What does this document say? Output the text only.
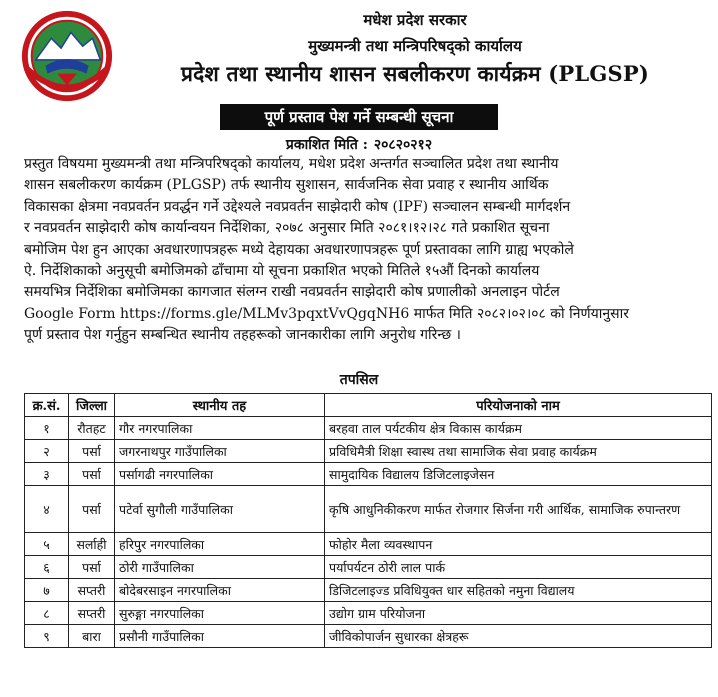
मधेश प्रदेश सरकार
मुख्यमन्त्री तथा मन्त्रिपरिषद्को कार्यालय
प्रदेश तथा स्थानीय शासन सबलीकरण कार्यक्रम (PLGSP)
पूर्ण प्रस्ताव पेश गर्ने सम्बन्धी सूचना
प्रकाशित मिति : २०८२०२१२
प्रस्तुत विषयमा मुख्यमन्त्री तथा मन्त्रिपरिषद्को कार्यालय, मधेश प्रदेश अन्तर्गत सञ्चालित प्रदेश तथा स्थानीय
शासन सबलीकरण कार्यक्रम (PLGSP) तर्फ स्थानीय सुशासन, सार्वजनिक सेवा प्रवाह र स्थानीय आर्थिक
विकासका क्षेत्रमा नवप्रवर्तन प्रवर्द्धन गर्ने उद्देश्यले नवप्रवर्तन साझेदारी कोष (IPF) सञ्चालन सम्बन्धी मार्गदर्शन
र नवप्रवर्तन साझेदारी कोष कार्यान्वयन निर्देशिका, २०७८ अनुसार मिति २०८१।१२।२८ गते प्रकाशित सूचना
बमोजिम पेश हुन आएका अवधारणापत्रहरू मध्ये देहायका अवधारणापत्रहरू पूर्ण प्रस्तावका लागि ग्राह्य भएकोले
ऐ. निर्देशिकाको अनुसूची बमोजिमको ढाँचामा यो सूचना प्रकाशित भएको मितिले १५औं दिनको कार्यालय
समयभित्र निर्देशिका बमोजिमका कागजात संलग्न राखी नवप्रवर्तन साझेदारी कोष प्रणालीको अनलाइन पोर्टल
Google Form https://forms.gle/MLMv3pqxtVvQgqNH6 मार्फत मिति २०८२।०२।०८ को निर्णयानुसार
पूर्ण प्रस्ताव पेश गर्नुहुन सम्बन्धित स्थानीय तहहरूको जानकारीका लागि अनुरोध गरिन्छ ।
तपसिल
क्र.सं.	जिल्ला	स्थानीय तह	परियोजनाको नाम
१	रौतहट	गौर नगरपालिका	बरहवा ताल पर्यटकीय क्षेत्र विकास कार्यक्रम
२	पर्सा	जगरनाथपुर गाउँपालिका	प्रविधिमैत्री शिक्षा स्वास्थ तथा सामाजिक सेवा प्रवाह कार्यक्रम
३	पर्सा	पर्सागढी नगरपालिका	सामुदायिक विद्यालय डिजिटलाइजेसन
४	पर्सा	पटेर्वा सुगौली गाउँपालिका	कृषि आधुनिकीकरण मार्फत रोजगार सिर्जना गरी आर्थिक, सामाजिक रुपान्तरण
५	सर्लाही	हरिपुर नगरपालिका	फोहोर मैला व्यवस्थापन
६	पर्सा	ठोरी गाउँपालिका	पर्यापर्यटन ठोरी लाल पार्क
७	सप्तरी	बोदेबरसाइन नगरपालिका	डिजिटलाइज्ड प्रविधियुक्त धार सहितको नमुना विद्यालय
८	सप्तरी	सुरुङ्गा नगरपालिका	उद्योग ग्राम परियोजना
९	बारा	प्रसौनी गाउँपालिका	जीविकोपार्जन सुधारका क्षेत्रहरू
